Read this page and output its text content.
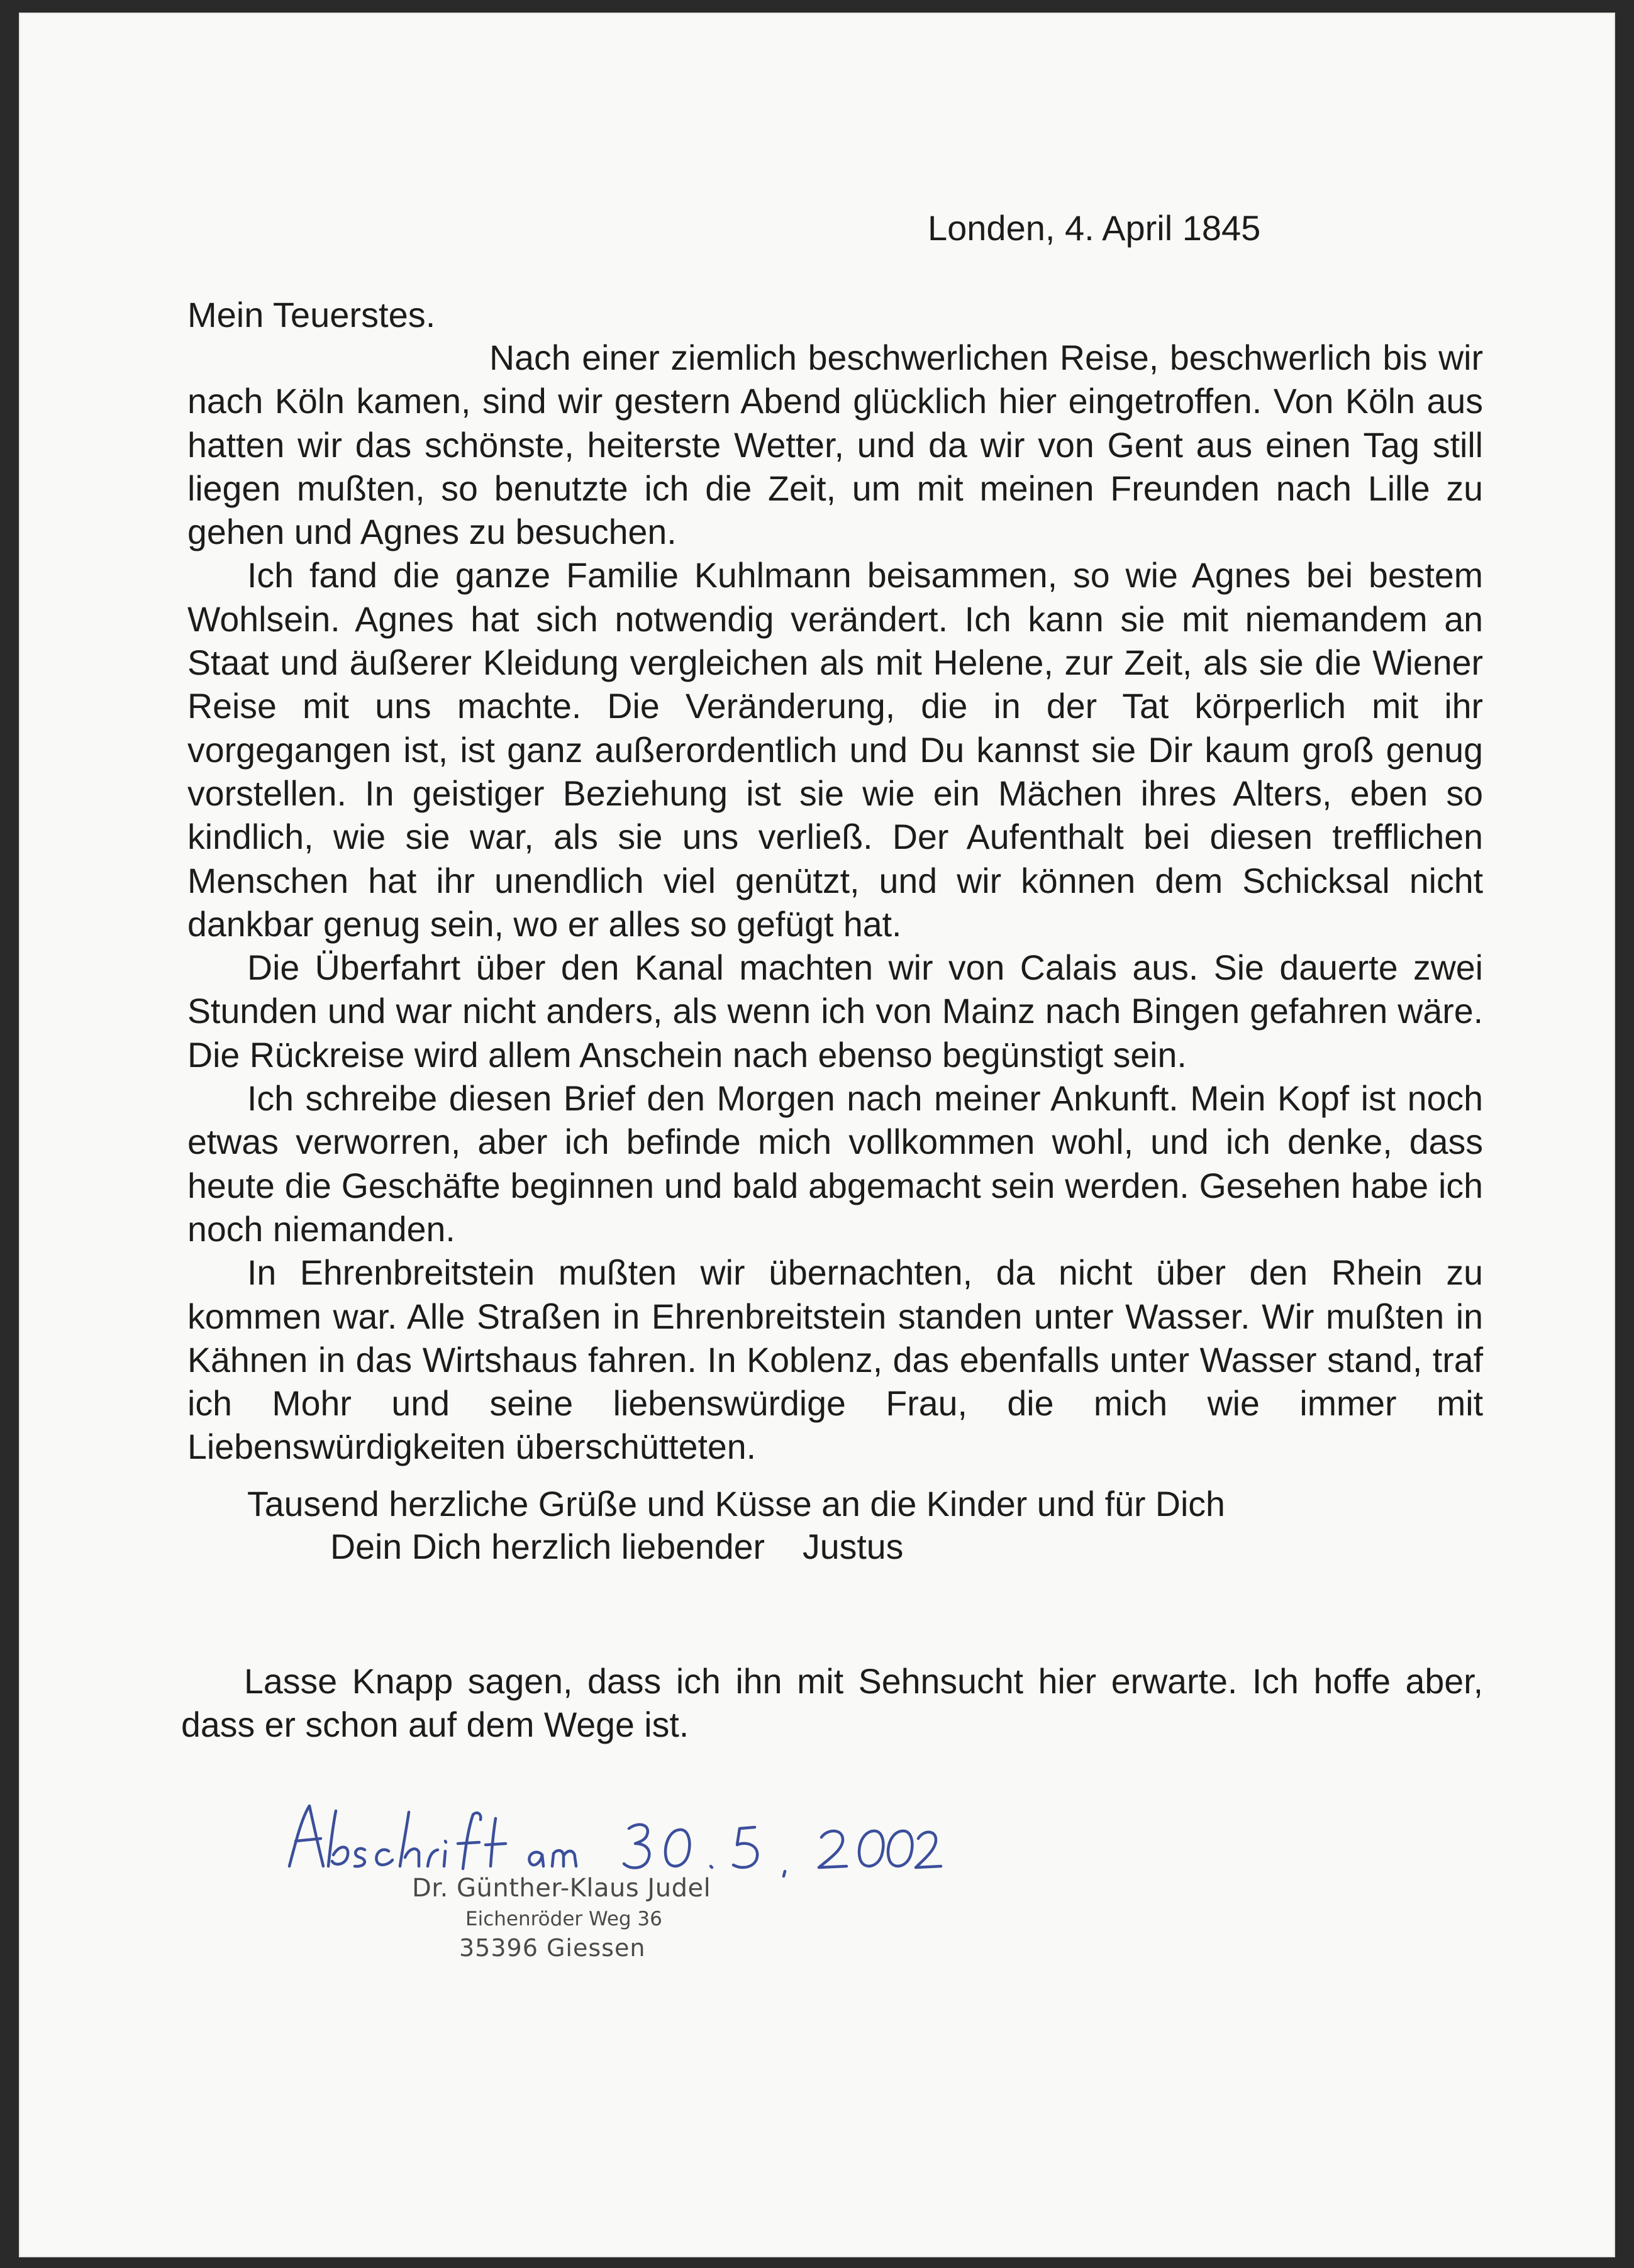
Londen, 4. April 1845
Mein Teuerstes.

Nach einer ziemlich beschwerlichen Reise, beschwerlich bis wir nach Köln kamen, sind wir gestern Abend glücklich hier eingetroffen. Von Köln aus hatten wir das schönste, heiterste Wetter, und da wir von Gent aus einen Tag still liegen mußten, so benutzte ich die Zeit, um mit meinen Freunden nach Lille zu gehen und Agnes zu besuchen.

Ich fand die ganze Familie Kuhlmann beisammen, so wie Agnes bei bestem Wohlsein. Agnes hat sich notwendig verändert. Ich kann sie mit niemandem an Staat und äußerer Kleidung vergleichen als mit Helene, zur Zeit, als sie die Wiener Reise mit uns machte. Die Veränderung, die in der Tat körperlich mit ihr vorgegangen ist, ist ganz außerordentlich und Du kannst sie Dir kaum groß genug vorstellen. In geistiger Beziehung ist sie wie ein Mächen ihres Alters, eben so kindlich, wie sie war, als sie uns verließ. Der Aufenthalt bei diesen trefflichen Menschen hat ihr unendlich viel genützt, und wir können dem Schicksal nicht dankbar genug sein, wo er alles so gefügt hat.

Die Überfahrt über den Kanal machten wir von Calais aus. Sie dauerte zwei Stunden und war nicht anders, als wenn ich von Mainz nach Bingen gefahren wäre. Die Rückreise wird allem Anschein nach ebenso begünstigt sein.

Ich schreibe diesen Brief den Morgen nach meiner Ankunft. Mein Kopf ist noch etwas verworren, aber ich befinde mich vollkommen wohl, und ich denke, dass heute die Geschäfte beginnen und bald abgemacht sein werden. Gesehen habe ich noch niemanden.

In Ehrenbreitstein mußten wir übernachten, da nicht über den Rhein zu kommen war. Alle Straßen in Ehrenbreitstein standen unter Wasser. Wir mußten in Kähnen in das Wirtshaus fahren. In Koblenz, das ebenfalls unter Wasser stand, traf ich Mohr und seine liebenswürdige Frau, die mich wie immer mit Liebenswürdigkeiten überschütteten.

Tausend herzliche Grüße und Küsse an die Kinder und für Dich
Dein Dich herzlich liebender Justus

Lasse Knapp sagen, dass ich ihn mit Sehnsucht hier erwarte. Ich hoffe aber, dass er schon auf dem Wege ist.

Dr. Günther-Klaus Judel
Eichenröder Weg 36
35396 Giessen
